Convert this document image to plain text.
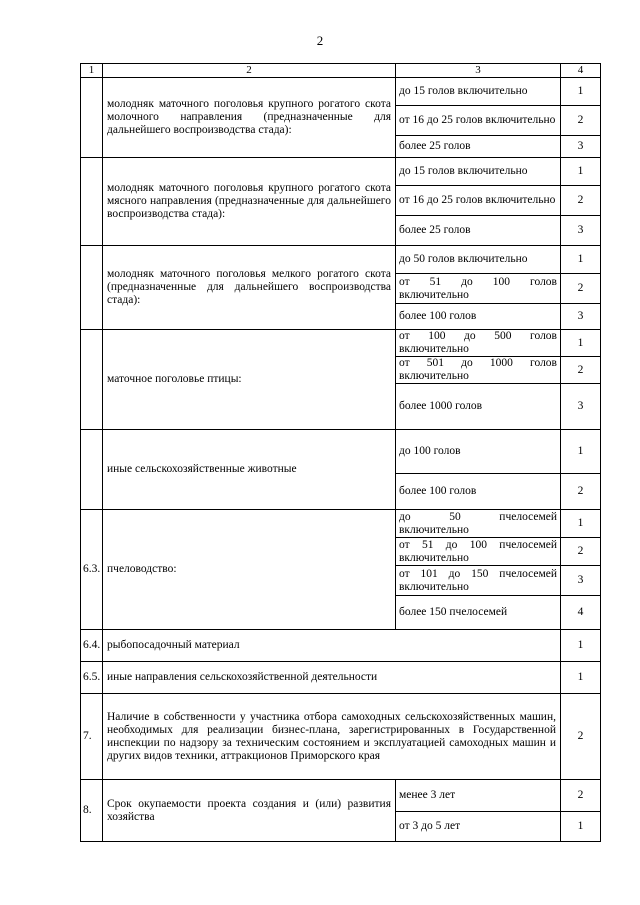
2
1	2	3	4
	молодняк маточного поголовья крупного рогатого скота молочного направления (предназначенные для дальнейшего воспроизводства стада):	до 15 голов включительно	1
		от 16 до 25 голов включительно	2
		более 25 голов	3
	молодняк маточного поголовья крупного рогатого скота мясного направления (предназначенные для дальнейшего воспроизводства стада):	до 15 голов включительно	1
		от 16 до 25 голов включительно	2
		более 25 голов	3
	молодняк маточного поголовья мелкого рогатого скота (предназначенные для дальнейшего воспроизводства стада):	до 50 голов включительно	1
		от 51 до 100 голов включительно	2
		более 100 голов	3
	маточное поголовье птицы:	от 100 до 500 голов включительно	1
		от 501 до 1000 голов включительно	2
		более 1000 голов	3
	иные сельскохозяйственные животные	до 100 голов	1
		более 100 голов	2
6.3.	пчеловодство:	до 50 пчелосемей включительно	1
		от 51 до 100 пчелосемей включительно	2
		от 101 до 150 пчелосемей включительно	3
		более 150 пчелосемей	4
6.4.	рыбопосадочный материал		1
6.5.	иные направления сельскохозяйственной деятельности		1
7.	Наличие в собственности у участника отбора самоходных сельскохозяйственных машин, необходимых для реализации бизнес-плана, зарегистрированных в Государственной инспекции по надзору за техническим состоянием и эксплуатацией самоходных машин и других видов техники, аттракционов Приморского края		2
8.	Срок окупаемости проекта создания и (или) развития хозяйства	менее 3 лет	2
		от 3 до 5 лет	1
